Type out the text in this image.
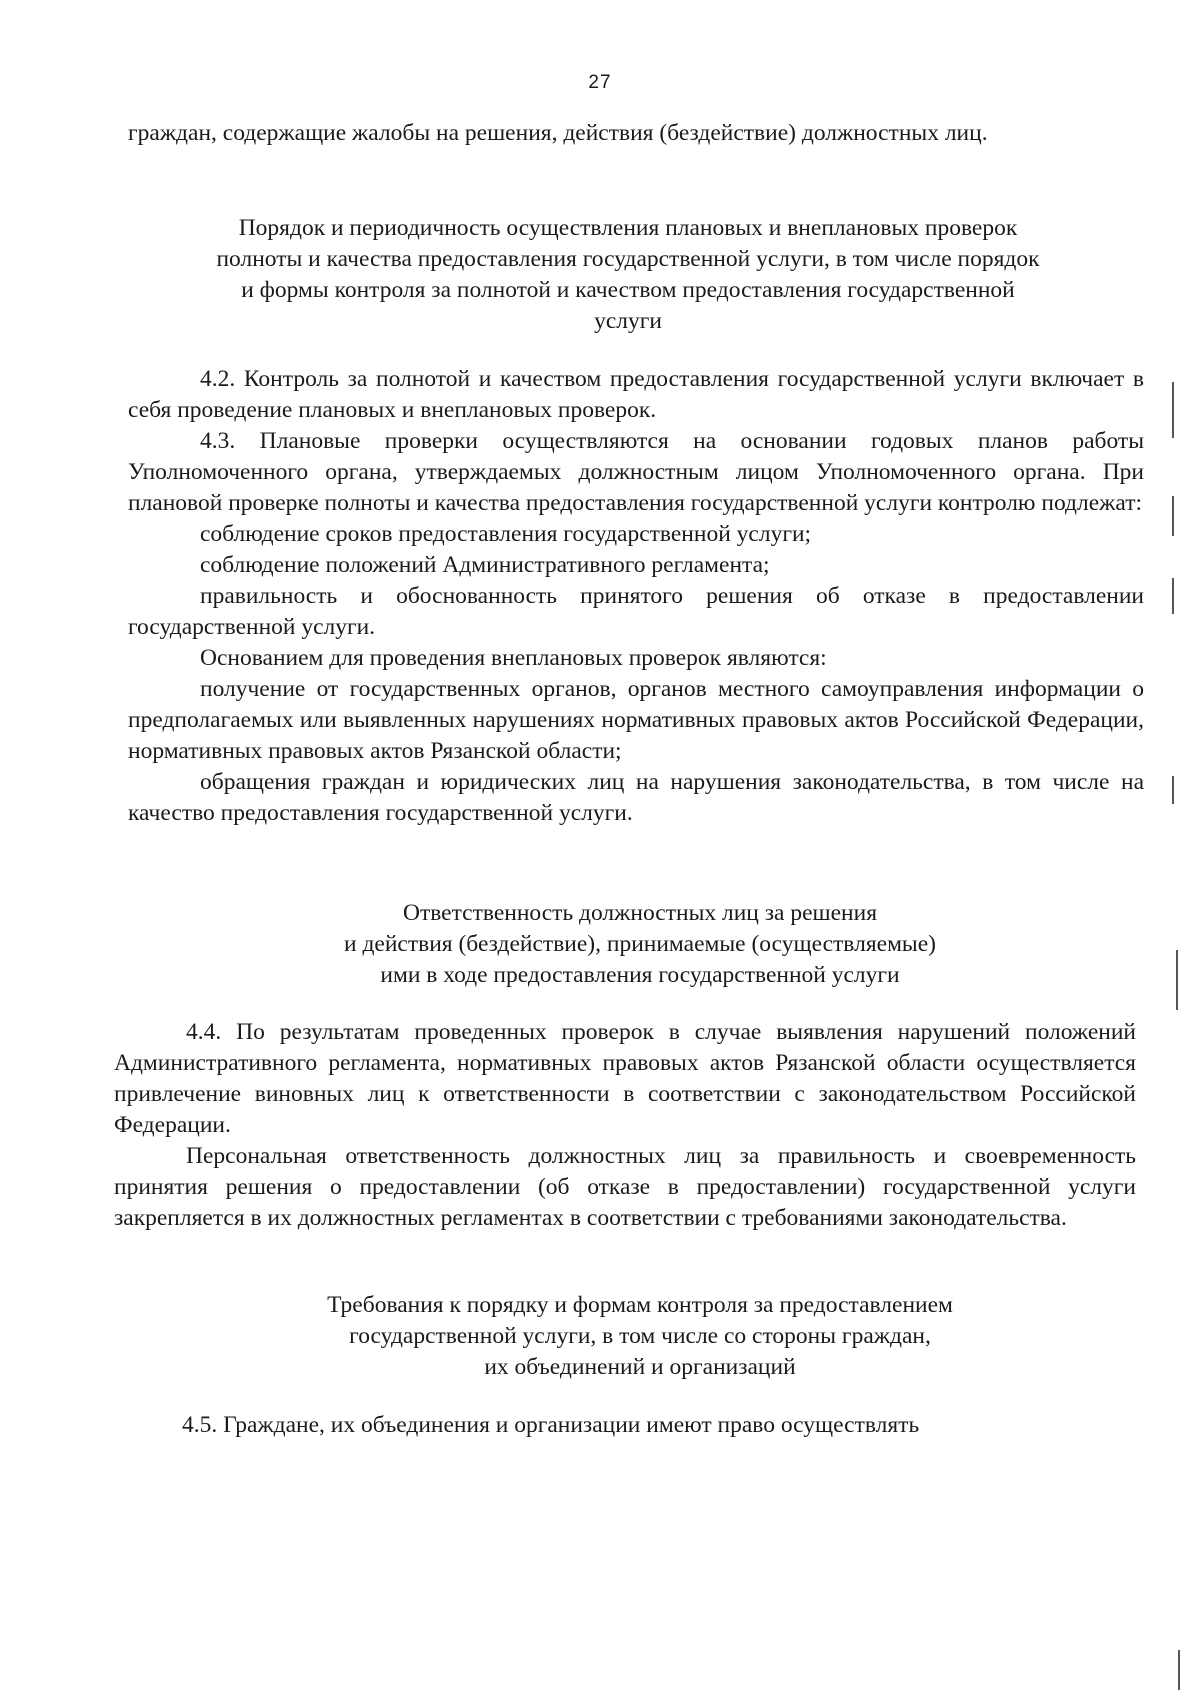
27

граждан, содержащие жалобы на решения, действия (бездействие) должностных лиц.

Порядок и периодичность осуществления плановых и внеплановых проверок
полноты и качества предоставления государственной услуги, в том числе порядок
и формы контроля за полнотой и качеством предоставления государственной
услуги

4.2. Контроль за полнотой и качеством предоставления государственной услуги включает в себя проведение плановых и внеплановых проверок.

4.3. Плановые проверки осуществляются на основании годовых планов работы Уполномоченного органа, утверждаемых должностным лицом Уполномоченного органа. При плановой проверке полноты и качества предоставления государственной услуги контролю подлежат:

соблюдение сроков предоставления государственной услуги;

соблюдение положений Административного регламента;

правильность и обоснованность принятого решения об отказе в предоставлении государственной услуги.

Основанием для проведения внеплановых проверок являются:

получение от государственных органов, органов местного самоуправления информации о предполагаемых или выявленных нарушениях нормативных правовых актов Российской Федерации, нормативных правовых актов Рязанской области;

обращения граждан и юридических лиц на нарушения законодательства, в том числе на качество предоставления государственной услуги.

Ответственность должностных лиц за решения
и действия (бездействие), принимаемые (осуществляемые)
ими в ходе предоставления государственной услуги

4.4. По результатам проведенных проверок в случае выявления нарушений положений Административного регламента, нормативных правовых актов Рязанской области осуществляется привлечение виновных лиц к ответственности в соответствии с законодательством Российской Федерации.

Персональная ответственность должностных лиц за правильность и своевременность принятия решения о предоставлении (об отказе в предоставлении) государственной услуги закрепляется в их должностных регламентах в соответствии с требованиями законодательства.

Требования к порядку и формам контроля за предоставлением
государственной услуги, в том числе со стороны граждан,
их объединений и организаций

4.5. Граждане, их объединения и организации имеют право осуществлять
